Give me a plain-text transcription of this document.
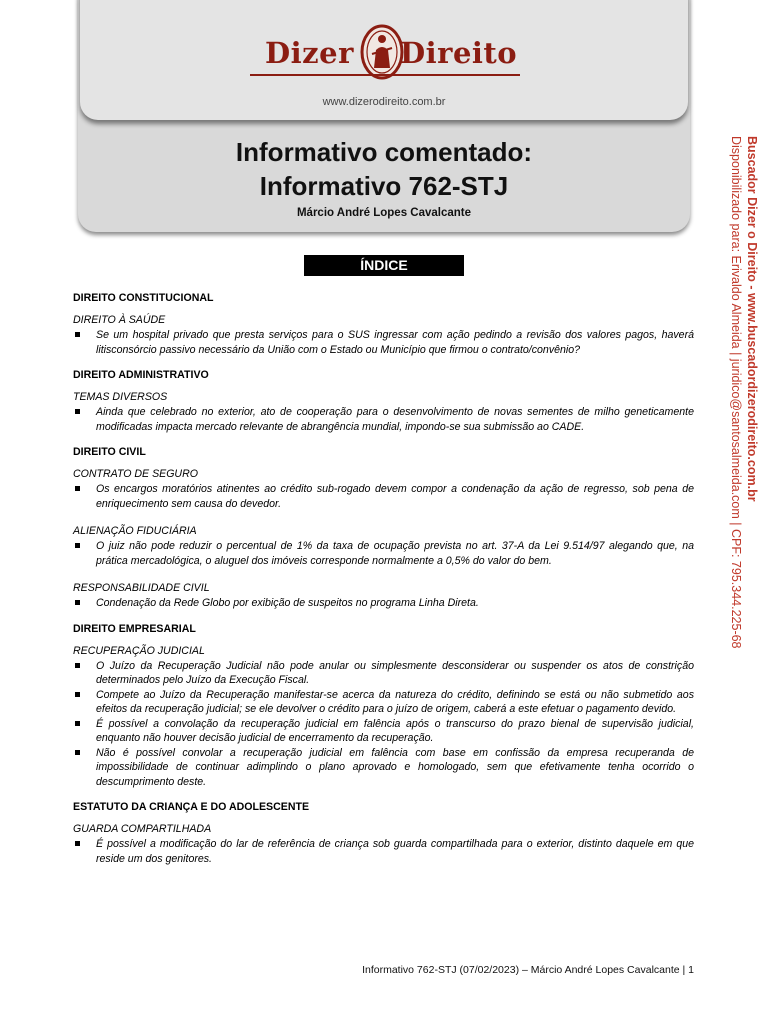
Dizer Direito
www.dizerodireito.com.br
Informativo comentado:
Informativo 762-STJ
Márcio André Lopes Cavalcante
ÍNDICE
DIREITO CONSTITUCIONAL
DIREITO À SAÚDE
Se um hospital privado que presta serviços para o SUS ingressar com ação pedindo a revisão dos valores pagos, haverá litisconsórcio passivo necessário da União com o Estado ou Município que firmou o contrato/convênio?
DIREITO ADMINISTRATIVO
TEMAS DIVERSOS
Ainda que celebrado no exterior, ato de cooperação para o desenvolvimento de novas sementes de milho geneticamente modificadas impacta mercado relevante de abrangência mundial, impondo-se sua submissão ao CADE.
DIREITO CIVIL
CONTRATO DE SEGURO
Os encargos moratórios atinentes ao crédito sub-rogado devem compor a condenação da ação de regresso, sob pena de enriquecimento sem causa do devedor.
ALIENAÇÃO FIDUCIÁRIA
O juiz não pode reduzir o percentual de 1% da taxa de ocupação prevista no art. 37-A da Lei 9.514/97 alegando que, na prática mercadológica, o aluguel dos imóveis corresponde normalmente a 0,5% do valor do bem.
RESPONSABILIDADE CIVIL
Condenação da Rede Globo por exibição de suspeitos no programa Linha Direta.
DIREITO EMPRESARIAL
RECUPERAÇÃO JUDICIAL
O Juízo da Recuperação Judicial não pode anular ou simplesmente desconsiderar ou suspender os atos de constrição determinados pelo Juízo da Execução Fiscal.
Compete ao Juízo da Recuperação manifestar-se acerca da natureza do crédito, definindo se está ou não submetido aos efeitos da recuperação judicial; se ele devolver o crédito para o juízo de origem, caberá a este efetuar o pagamento devido.
É possível a convolação da recuperação judicial em falência após o transcurso do prazo bienal de supervisão judicial, enquanto não houver decisão judicial de encerramento da recuperação.
Não é possível convolar a recuperação judicial em falência com base em confissão da empresa recuperanda de impossibilidade de continuar adimplindo o plano aprovado e homologado, sem que efetivamente tenha ocorrido o descumprimento deste.
ESTATUTO DA CRIANÇA E DO ADOLESCENTE
GUARDA COMPARTILHADA
É possível a modificação do lar de referência de criança sob guarda compartilhada para o exterior, distinto daquele em que reside um dos genitores.
Informativo 762-STJ (07/02/2023) – Márcio André Lopes Cavalcante | 1
Buscador Dizer o Direito - www.buscadordizerodireito.com.br
Disponibilizado para: Erivaldo Almeida | juridico@santosalmeida.com | CPF: 795.344.225-68
